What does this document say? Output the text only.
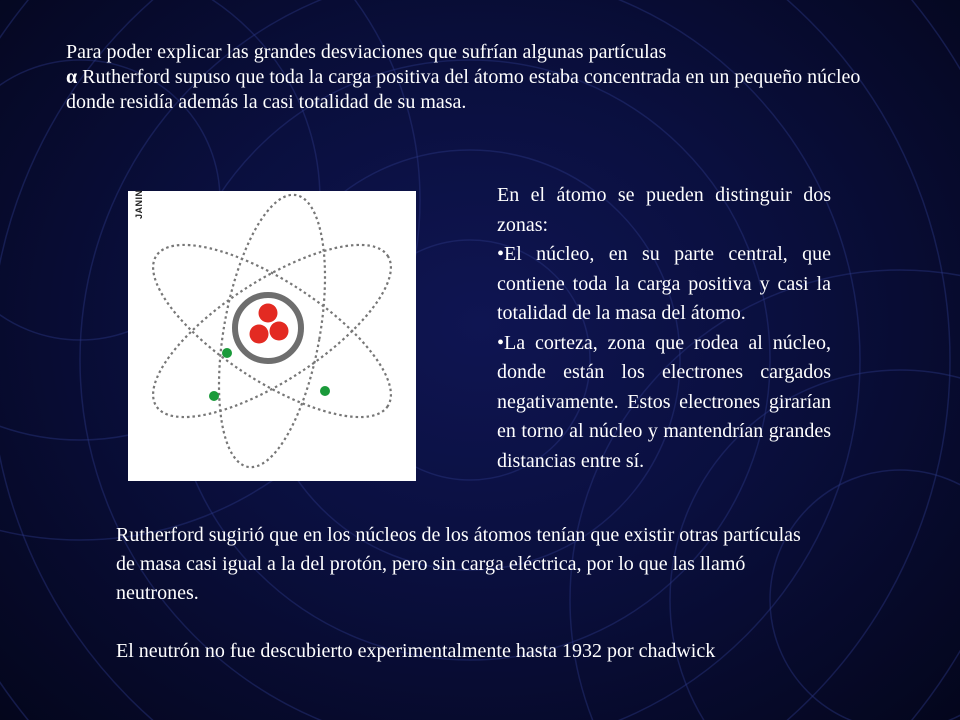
Para poder explicar las grandes desviaciones que sufrían algunas partículas
α Rutherford supuso que toda la carga positiva del átomo estaba concentrada en un pequeño núcleo donde residía además la casi totalidad de su masa.
JANIN	En el átomo se pueden distinguir dos zonas:

•El núcleo, en su parte central, que contiene toda la carga positiva y casi la totalidad de la masa del átomo.

•La corteza, zona que rodea al núcleo, donde están los electrones cargados negativamente. Estos electrones girarían en torno al núcleo y mantendrían grandes distancias entre sí.

Rutherford sugirió que en los núcleos de los átomos tenían que existir otras partículas de masa casi igual a la del protón, pero sin carga eléctrica, por lo que las llamó neutrones.

El neutrón no fue descubierto experimentalmente hasta 1932 por chadwick
